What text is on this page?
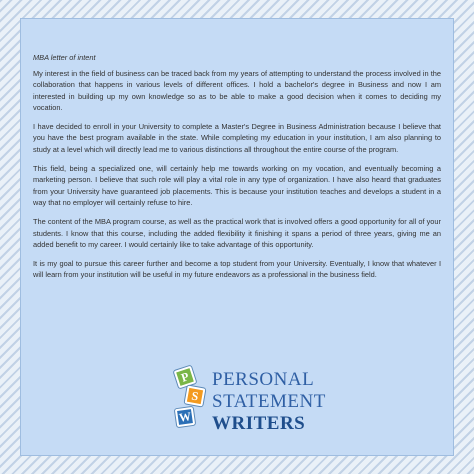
MBA letter of intent

My interest in the field of business can be traced back from my years of attempting to understand the process involved in the collaboration that happens in various levels of different offices. I hold a bachelor's degree in Business and now I am interested in building up my own knowledge so as to be able to make a good decision when it comes to deciding my vocation.

I have decided to enroll in your University to complete a Master's Degree in Business Administration because I believe that you have the best program available in the state. While completing my education in your institution, I am also planning to study at a level which will directly lead me to various distinctions all throughout the entire course of the program.

This field, being a specialized one, will certainly help me towards working on my vocation, and eventually becoming a marketing person. I believe that such role will play a vital role in any type of organization. I have also heard that graduates from your University have guaranteed job placements. This is because your institution teaches and develops a student in a way that no employer will certainly refuse to hire.

The content of the MBA program course, as well as the practical work that is involved offers a good opportunity for all of your students. I know that this course, including the added flexibility it finishing it spans a period of three years, giving me an added benefit to my career. I would certainly like to take advantage of this opportunity.

It is my goal to pursue this career further and become a top student from your University. Eventually, I know that whatever I will learn from your institution will be useful in my future endeavors as a professional in the business field.

P
S
W
PERSONAL
STATEMENT
WRITERS
